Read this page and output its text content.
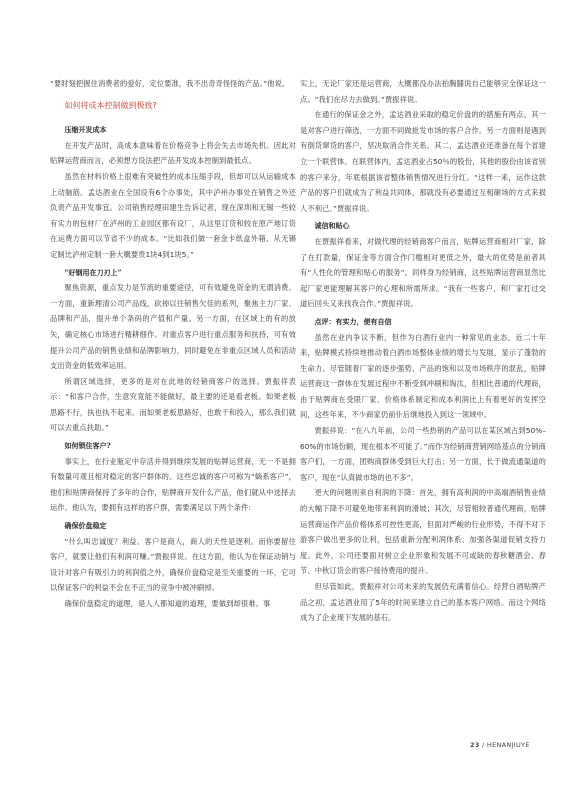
“要时刻把握住消费者的爱好，定位要准，我不出奇奇怪怪的产品。”他说。

如何将成本控制做到极致?
压缩开发成本

在开发产品时，高成本意味着在价格竞争上将会失去市场先机。因此对贴牌运营商而言，必须想方设法把产品开发成本控制到最低点。

虽然在材料价格上很难有突破性的成本压缩手段，但却可以从运输成本上动脑筋。孟达酒业在全国设有6个办事处，其中泸州办事处在销售之外还负责产品开发事宜。公司销售经理田建生告诉记者，现在深圳和无锡一些较有实力的包材厂在泸州的工业园区都有设厂，从这里订货和较在原产地订货在运费方面可以节省不少的成本。“比如我们做一套金卡纸盒外箱，从无锡定制比泸州定制一套大概要贵1块4到1块5。”

“好钢用在刀刃上”

聚焦资源，重点发力是节流的重要途径，可有效避免资金的无谓消费。一方面，重新理清公司产品线，砍掉以往销售欠佳的系列，聚焦主力厂家、品牌和产品，提升单个条码的产值和产量。另一方面，在区域上的有的放矢，确定核心市场进行精耕细作。对重点客户进行重点服务和扶持，可有效提升公司产品的销售业绩和品牌影响力，同时避免在非重点区域人员和活动支出资金的低效率运用。

所谓区域选择，更多的是对在此地的经销商客户的选择。贾振祥表示：“和客户合作，生意究竟能不能做好，最主要的还是看老板。如果老板思路不行，执也执不起来。而如果老板思路好，也敢干和投入，那么我们就可以去重点扶助。”

如何锁住客户?

事实上，在行业瓶定中存活并得到继续发展的贴牌运营商，无一不是拥有数量可观且相对稳定的客户群体的。这些忠诚的客户可称为“嫡系客户”，他们和贴牌商保持了多年的合作，贴牌商开发什么产品，他们就从中选择去运作。他认为，要拥有这样的客户群，需要满足以下两个条件:

确保价盘稳定

“什么叫忠诚度？利益。客户是商人，商人的天性是逐利。而你要留住客户，就要让他们有利润可赚。”贾振祥说。在这方面，他认为在保证动销与设计对客户有吸引力的利润值之外，确保价盘稳定是至关重要的一环，它可以保证客户的利益不会在不正当的竞争中被冲刷掉。

确保价盘稳定的道理，是人人都知道的道理，要做到却很难。事

实上，无论厂家还是运营商，大概都没办法拍胸脯说自己能够完全保证这一点。“我们在尽力去做到。”贾振祥说。

在通行的保证金之外，孟达酒业采取的稳定价盘的的措施有两点。其一是对客户进行筛选，一方面不同做批发市场的客户合作。另一方面则是遇到有倒货窜货的客户，坚决取消合作关系。其二，孟达酒业还准备在每个省建立一个联营体。在联营体内，孟达酒业占50％的股份，其他的股份由该省别的客户来分，年底根据该省整体销售情况进行分红。“这样一来，运作这款产品的客户们就成为了利益共同体，那就没有必要通过互相砸场的方式来损人不利己。”贾振祥说。

诚信和贴心

在贾振祥看来，对做代理的经销商客户而言，贴牌运营商相对厂家，除了在打款量，保证金等方面合作门槛相对更低之外，最大的优势是前者具有“人性化的管理和贴心的服务”。同样身为经销商，这些贴牌运营商显然比起厂家更能理解其客户的心理和所需所求。“我有一些客户，和厂家打过交道后回头又来找我合作。”贾振祥说。

点评：有实力，便有自信

虽然在业内争议不断，但作为白酒行业内一种常见的业态，近二十年来，贴牌模式持续地推动着白酒市场整体业绩的增长与发展，显示了蓬勃的生命力。尽管随着厂家的逐步强势、产品的饱和以及市场秩序的混乱，贴牌运营商这一群体在发展过程中不断受到冲刷和淘汰，但相比普通的代理商，由于贴牌商在受限厂家、价格体系制定和成本利润比上有着更好的发挥空间，这些年来，不少商家仍前仆后继地投入到这一领域中。

贾振祥说：“在八九年前，公司一些热销的产品可以在某区域占到50%–60%的市场份额，现在根本不可能了。”而作为经销商营销网络基点的分销商客户们，一方面，团购商群体受到巨大打击；另一方面，长于做流通渠道的客户，现在“认真做市场的也不多”。

更大的问题则来自利润的下降：首先，拥有高利润的中高端酒销售业绩的大幅下降不可避免地带来利润的滑坡；其次，尽管相较普通代理商，贴牌运营商运作产品价格体系可控性更高，但面对严峻的行业形势，不得不对下游客户做出更多的让利，包括重新分配利润体系、加强各渠道促销支持力度。此外，公司还要面对树立企业形象和发展不可或缺的春秋糖酒会、春节、中秋订货会的客户接待费用的提升。

但尽管如此，贾振祥对公司未来的发展仍充满着信心。经营白酒贴牌产品之初，孟达酒业用了5年的时间来建立自己的基本客户网络。而这个网络成为了企业现下发展的基石。

23 / HENANJIUYE
